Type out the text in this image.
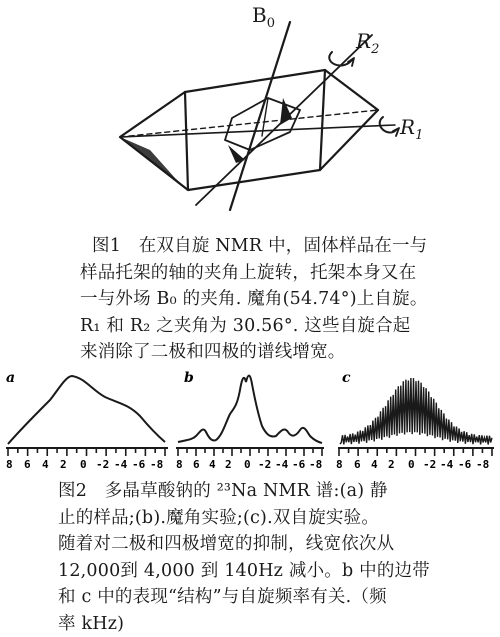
$B_0$
$R_2$
$R_1$
图1　在双自旋 NMR 中，固体样品在一与
样品托架的轴的夹角上旋转，托架本身又在
一与外场 B₀ 的夹角. 魔角(54.74°)上自旋。
R₁ 和 R₂ 之夹角为 30.56°. 这些自旋合起
来消除了二极和四极的谱线增宽。
a
8 6 4 2 0 -2 -4 -6 -8
b
8 6 4 2 0 -2 -4 -6 -8
c
8 6 4 2 0 -2 -4 -6 -8
图2　多晶草酸钠的 ²³Na NMR 谱:(a) 静
止的样品;(b).魔角实验;(c).双自旋实验。
随着对二极和四极增宽的抑制，线宽依次从
12,000到 4,000 到 140Hz 减小。b 中的边带
和 c 中的表现“结构”与自旋频率有关.（频
率 kHz)
